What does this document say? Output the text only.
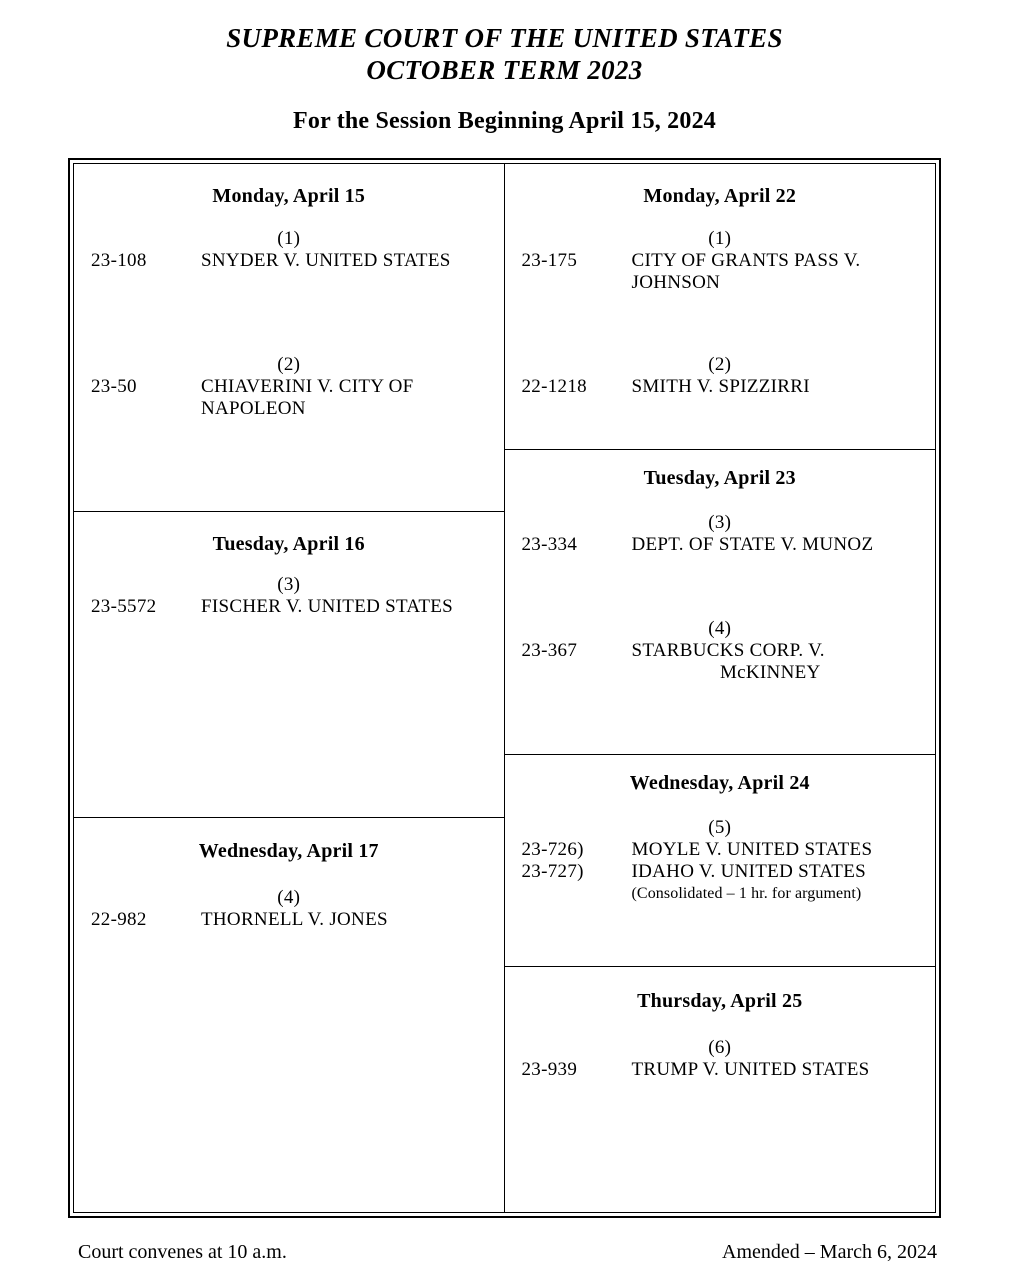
SUPREME COURT OF THE UNITED STATES
OCTOBER TERM 2023
For the Session Beginning April 15, 2024
Monday, April 15
(1)
23-108	SNYDER V. UNITED STATES
(2)
23-50	CHIAVERINI V. CITY OF NAPOLEON
Tuesday, April 16
(3)
23-5572	FISCHER V. UNITED STATES
Wednesday, April 17
(4)
22-982	THORNELL V. JONES
Monday, April 22
(1)
23-175	CITY OF GRANTS PASS V. JOHNSON
(2)
22-1218	SMITH V. SPIZZIRRI
Tuesday, April 23
(3)
23-334	DEPT. OF STATE V. MUNOZ
(4)
23-367	STARBUCKS CORP. V.
McKINNEY
Wednesday, April 24
(5)
23-726)	MOYLE V. UNITED STATES
23-727)	IDAHO V. UNITED STATES
(Consolidated – 1 hr. for argument)
Thursday, April 25
(6)
23-939	TRUMP V. UNITED STATES
Court convenes at 10 a.m.	Amended – March 6, 2024
